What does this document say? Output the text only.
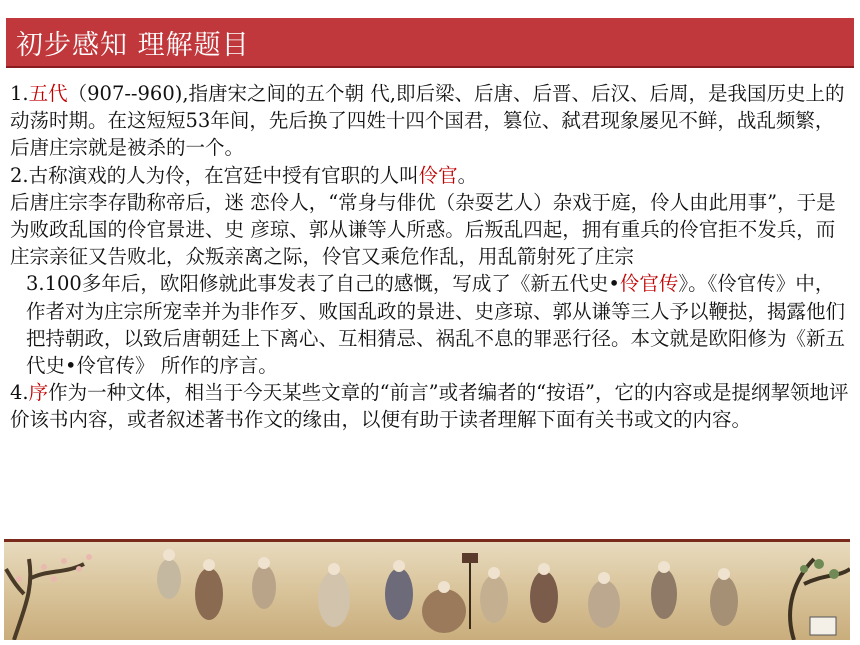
初步感知 理解题目

1.五代（907--960),指唐宋之间的五个朝 代,即后梁、后唐、后晋、后汉、后周，是我国历史上的动荡时期。在这短短53年间，先后换了四姓十四个国君，篡位、弑君现象屡见不鲜，战乱频繁，后唐庄宗就是被杀的一个。

2.古称演戏的人为伶，在宫廷中授有官职的人叫伶官。

后唐庄宗李存勖称帝后，迷 恋伶人，“常身与俳优（杂耍艺人）杂戏于庭，伶人由此用事”，于是为败政乱国的伶官景进、史 彦琼、郭从谦等人所惑。后叛乱四起，拥有重兵的伶官拒不发兵，而庄宗亲征又告败北，众叛亲离之际，伶官又乘危作乱，用乱箭射死了庄宗

3.100多年后，欧阳修就此事发表了自己的感慨，写成了《新五代史•伶官传》。《伶官传》中，作者对为庄宗所宠幸并为非作歹、败国乱政的景进、史彦琼、郭从谦等三人予以鞭挞，揭露他们把持朝政，以致后唐朝廷上下离心、互相猜忌、祸乱不息的罪恶行径。本文就是欧阳修为《新五代史•伶官传》 所作的序言。

4.序作为一种文体，相当于今天某些文章的“前言”或者编者的“按语”，它的内容或是提纲挈领地评价该书内容，或者叙述著书作文的缘由，以便有助于读者理解下面有关书或文的内容。
